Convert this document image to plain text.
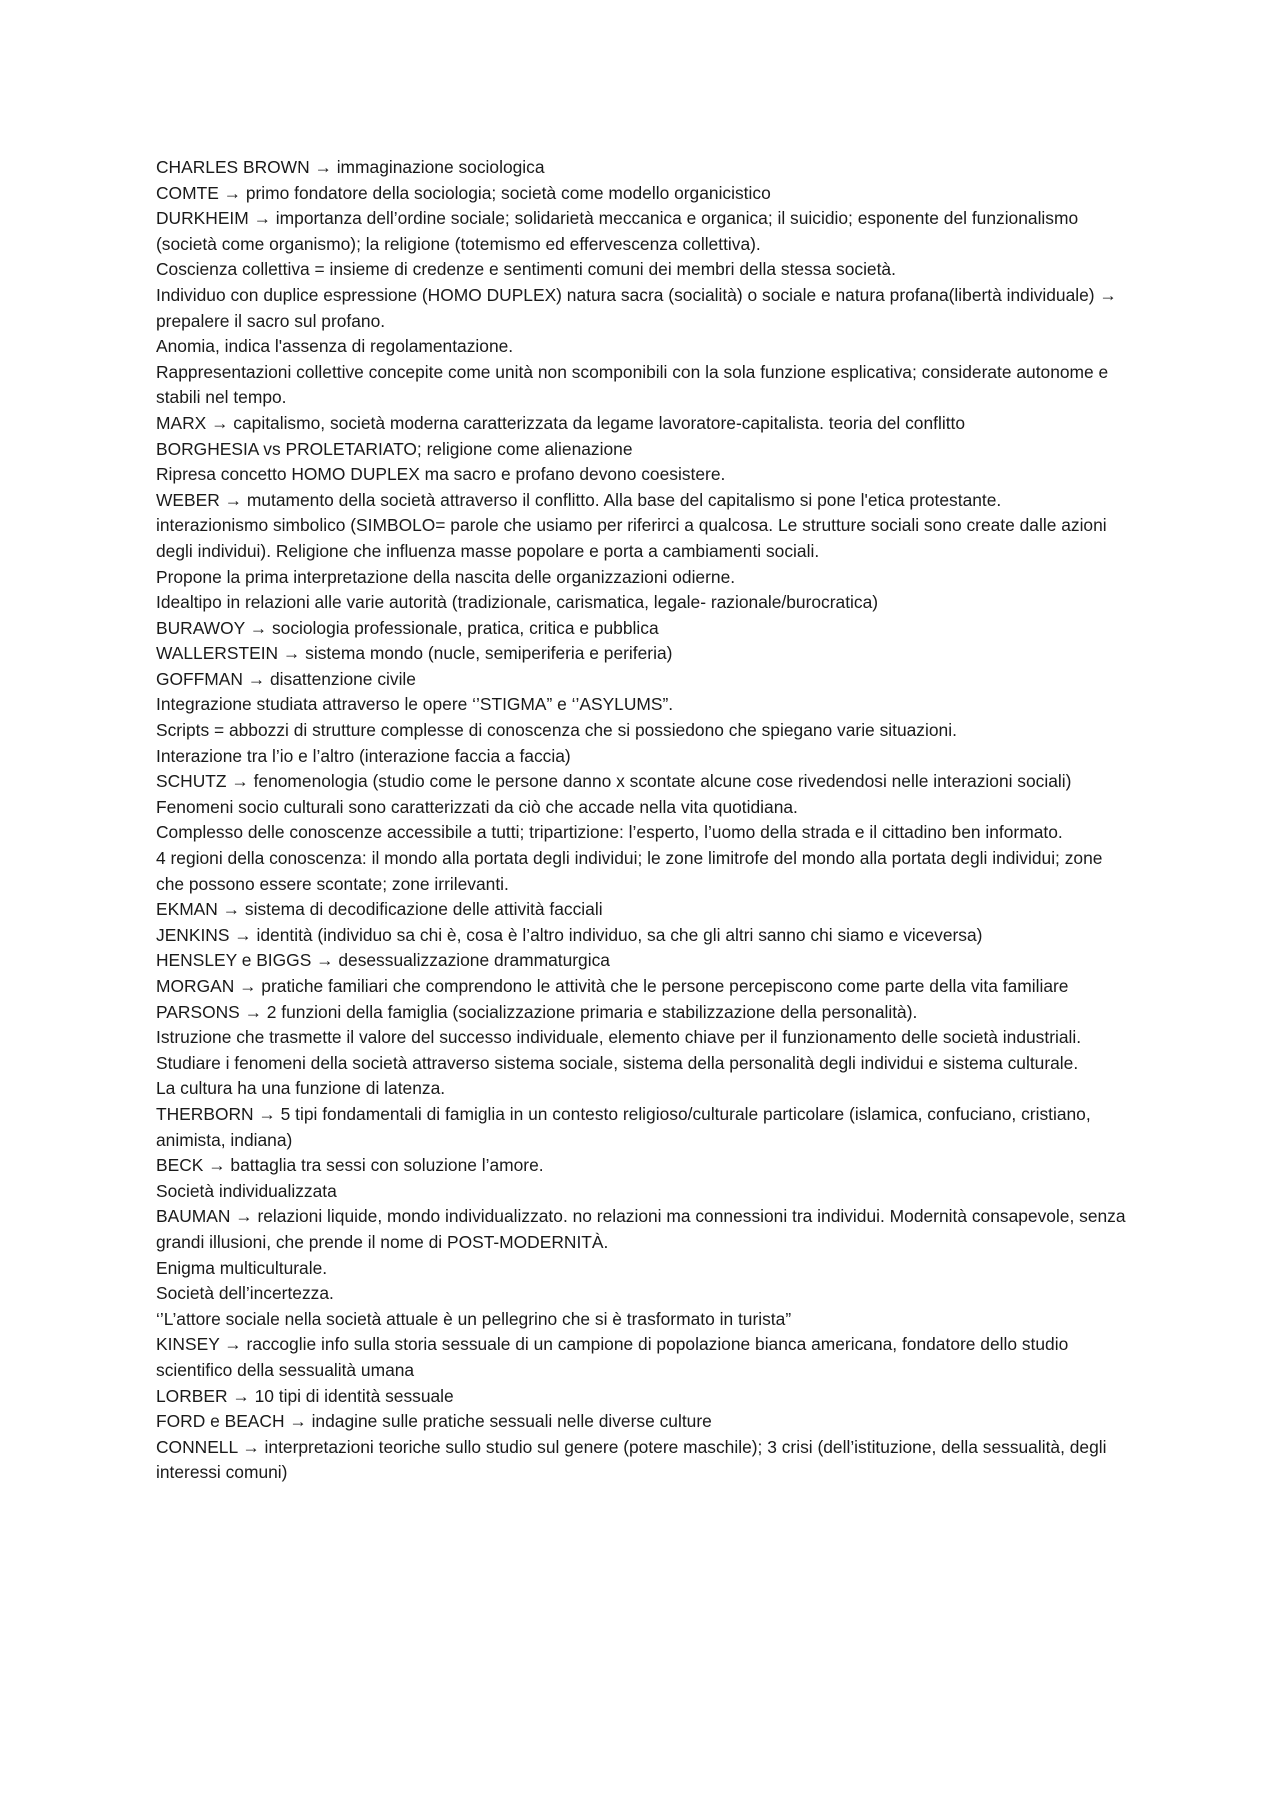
CHARLES BROWN → immaginazione sociologica

COMTE → primo fondatore della sociologia; società come modello organicistico

DURKHEIM → importanza dell’ordine sociale; solidarietà meccanica e organica; il suicidio; esponente del funzionalismo (società come organismo); la religione (totemismo ed effervescenza collettiva).

Coscienza collettiva = insieme di credenze e sentimenti comuni dei membri della stessa società.

Individuo con duplice espressione (HOMO DUPLEX) natura sacra (socialità) o sociale e natura profana(libertà individuale) → prepalere il sacro sul profano.

Anomia, indica l'assenza di regolamentazione.

Rappresentazioni collettive concepite come unità non scomponibili con la sola funzione esplicativa; considerate autonome e stabili nel tempo.

MARX → capitalismo, società moderna caratterizzata da legame lavoratore-capitalista. teoria del conflitto

BORGHESIA vs PROLETARIATO; religione come alienazione

Ripresa concetto HOMO DUPLEX ma sacro e profano devono coesistere.

WEBER → mutamento della società attraverso il conflitto. Alla base del capitalismo si pone l'etica protestante.

interazionismo simbolico (SIMBOLO= parole che usiamo per riferirci a qualcosa. Le strutture sociali sono create dalle azioni degli individui). Religione che influenza masse popolare e porta a cambiamenti sociali.

Propone la prima interpretazione della nascita delle organizzazioni odierne.

Idealtipo in relazioni alle varie autorità (tradizionale, carismatica, legale- razionale/burocratica)

BURAWOY → sociologia professionale, pratica, critica e pubblica

WALLERSTEIN → sistema mondo (nucle, semiperiferia e periferia)

GOFFMAN → disattenzione civile

Integrazione studiata attraverso le opere ‘’STIGMA” e ‘’ASYLUMS”.

Scripts = abbozzi di strutture complesse di conoscenza che si possiedono che spiegano varie situazioni.

Interazione tra l’io e l’altro (interazione faccia a faccia)

SCHUTZ → fenomenologia (studio come le persone danno x scontate alcune cose rivedendosi nelle interazioni sociali)

Fenomeni socio culturali sono caratterizzati da ciò che accade nella vita quotidiana.

Complesso delle conoscenze accessibile a tutti; tripartizione: l’esperto, l’uomo della strada e il cittadino ben informato.

4 regioni della conoscenza: il mondo alla portata degli individui; le zone limitrofe del mondo alla portata degli individui; zone che possono essere scontate; zone irrilevanti.

EKMAN → sistema di decodificazione delle attività facciali

JENKINS → identità (individuo sa chi è, cosa è l’altro individuo, sa che gli altri sanno chi siamo e viceversa)

HENSLEY e BIGGS → desessualizzazione drammaturgica

MORGAN → pratiche familiari che comprendono le attività che le persone percepiscono come parte della vita familiare

PARSONS → 2 funzioni della famiglia (socializzazione primaria e stabilizzazione della personalità).

Istruzione che trasmette il valore del successo individuale, elemento chiave per il funzionamento delle società industriali.

Studiare i fenomeni della società attraverso sistema sociale, sistema della personalità degli individui e sistema culturale.

La cultura ha una funzione di latenza.

THERBORN → 5 tipi fondamentali di famiglia in un contesto religioso/culturale particolare (islamica, confuciano, cristiano, animista, indiana)

BECK → battaglia tra sessi con soluzione l’amore.

Società individualizzata

BAUMAN → relazioni liquide, mondo individualizzato. no relazioni ma connessioni tra individui. Modernità consapevole, senza grandi illusioni, che prende il nome di POST-MODERNITÀ.

Enigma multiculturale.

Società dell’incertezza.

‘’L’attore sociale nella società attuale è un pellegrino che si è trasformato in turista”

KINSEY → raccoglie info sulla storia sessuale di un campione di popolazione bianca americana, fondatore dello studio scientifico della sessualità umana

LORBER → 10 tipi di identità sessuale

FORD e BEACH → indagine sulle pratiche sessuali nelle diverse culture

CONNELL → interpretazioni teoriche sullo studio sul genere (potere maschile); 3 crisi (dell’istituzione, della sessualità, degli interessi comuni)
